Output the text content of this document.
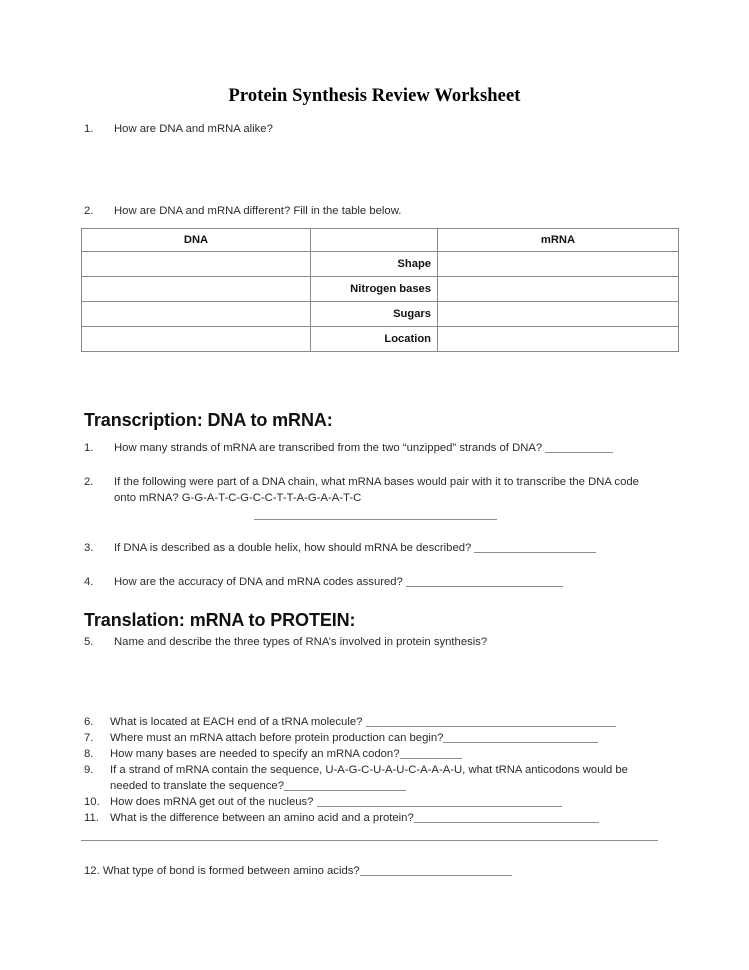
Protein Synthesis Review Worksheet
1.	How are DNA and mRNA alike?
2.	How are DNA and mRNA different? Fill in the table below.
DNA		mRNA
	Shape	
	Nitrogen bases	
	Sugars	
	Location	
Transcription: DNA to mRNA:
1.	How many strands of mRNA are transcribed from the two “unzipped” strands of DNA?
2.	If the following were part of a DNA chain, what mRNA bases would pair with it to transcribe the DNA code onto mRNA? G-G-A-T-C-G-C-C-T-T-A-G-A-A-T-C
3.	If DNA is described as a double helix, how should mRNA be described?
4.	How are the accuracy of DNA and mRNA codes assured?
Translation: mRNA to PROTEIN:
5.	Name and describe the three types of RNA’s involved in protein synthesis?
6.	What is located at EACH end of a tRNA molecule?
7.	Where must an mRNA attach before protein production can begin?
8.	How many bases are needed to specify an mRNA codon?
9.	If a strand of mRNA contain the sequence, U-A-G-C-U-A-U-C-A-A-A-U, what tRNA anticodons would be needed to translate the sequence?
10. How does mRNA get out of the nucleus?
11. What is the difference between an amino acid and a protein?
12. What type of bond is formed between amino acids?
